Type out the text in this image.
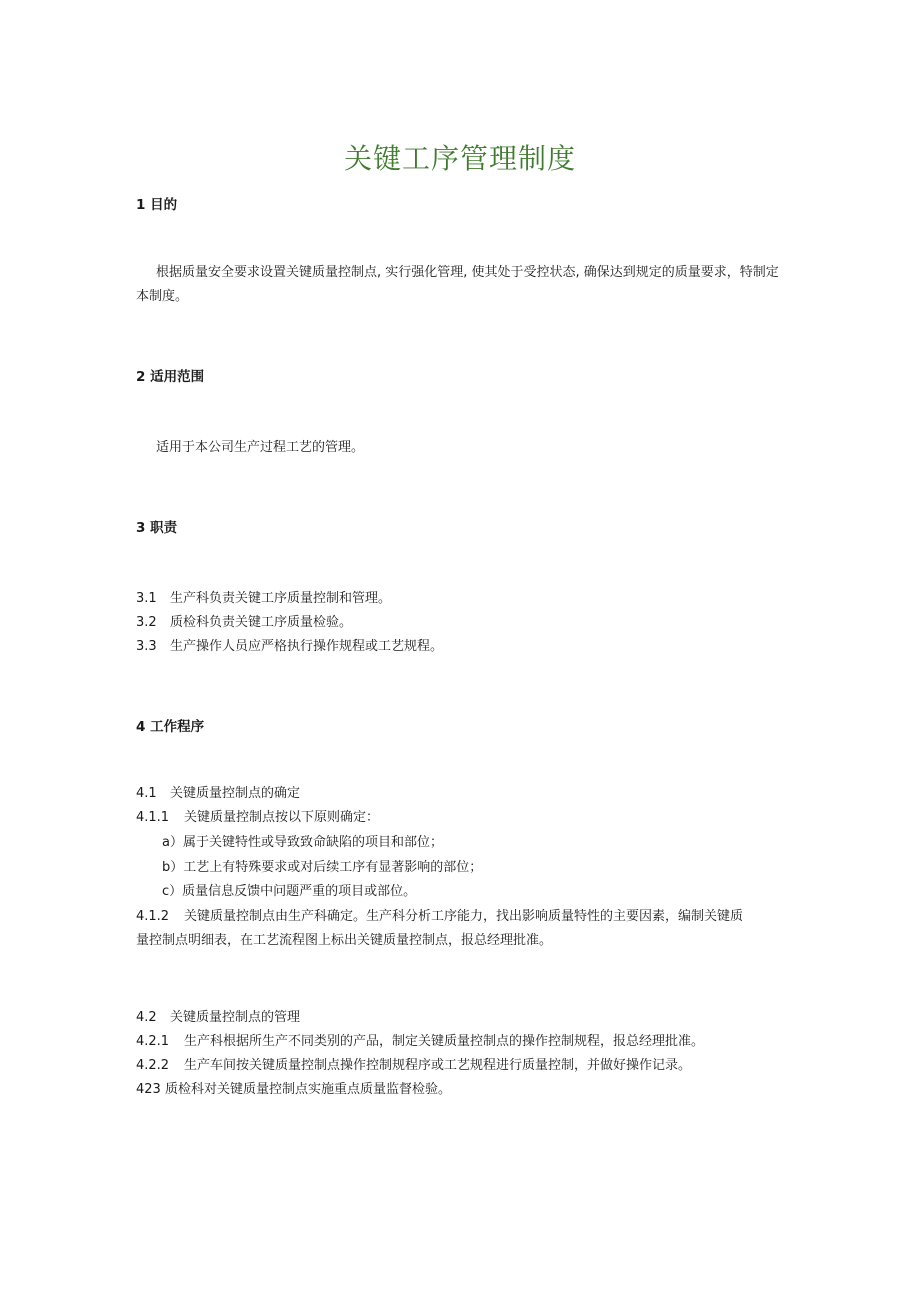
关键工序管理制度
1 目的
根据质量安全要求设置关键质量控制点, 实行强化管理, 使其处于受控状态, 确保达到规定的质量要求，特制定本制度。
2 适用范围
适用于本公司生产过程工艺的管理。
3 职责
3.1 生产科负责关键工序质量控制和管理。
3.2 质检科负责关键工序质量检验。
3.3 生产操作人员应严格执行操作规程或工艺规程。
4 工作程序
4.1 关键质量控制点的确定
4.1.1 关键质量控制点按以下原则确定：
a）属于关键特性或导致致命缺陷的项目和部位；
b）工艺上有特殊要求或对后续工序有显著影响的部位；
c）质量信息反馈中问题严重的项目或部位。
4.1.2 关键质量控制点由生产科确定。生产科分析工序能力，找出影响质量特性的主要因素，编制关键质
量控制点明细表，在工艺流程图上标出关键质量控制点，报总经理批准。
4.2 关键质量控制点的管理
4.2.1 生产科根据所生产不同类别的产品，制定关键质量控制点的操作控制规程，报总经理批准。
4.2.2 生产车间按关键质量控制点操作控制规程序或工艺规程进行质量控制，并做好操作记录。
423 质检科对关键质量控制点实施重点质量监督检验。
